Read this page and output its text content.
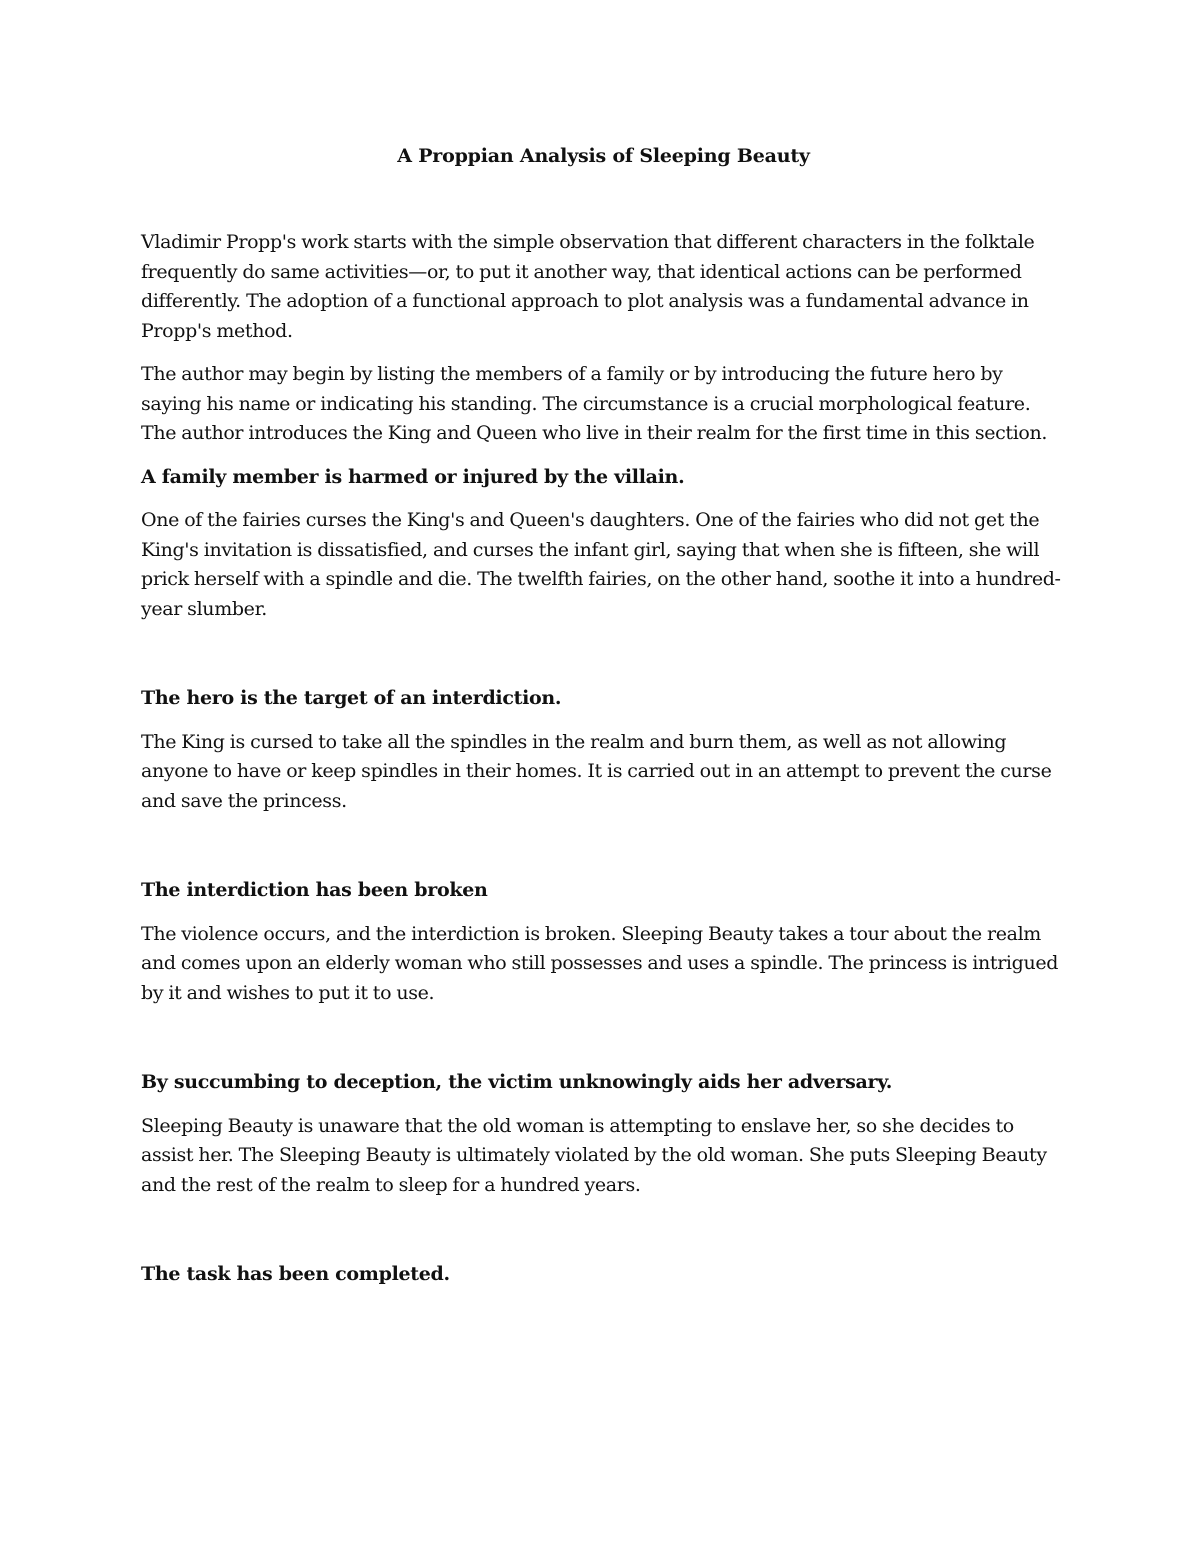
A Proppian Analysis of Sleeping Beauty

Vladimir Propp's work starts with the simple observation that different characters in the folktale frequently do same activities—or, to put it another way, that identical actions can be performed differently. The adoption of a functional approach to plot analysis was a fundamental advance in Propp's method.

The author may begin by listing the members of a family or by introducing the future hero by saying his name or indicating his standing. The circumstance is a crucial morphological feature. The author introduces the King and Queen who live in their realm for the first time in this section.

A family member is harmed or injured by the villain.

One of the fairies curses the King's and Queen's daughters. One of the fairies who did not get the King's invitation is dissatisfied, and curses the infant girl, saying that when she is fifteen, she will prick herself with a spindle and die. The twelfth fairies, on the other hand, soothe it into a hundred-year slumber.

The hero is the target of an interdiction.

The King is cursed to take all the spindles in the realm and burn them, as well as not allowing anyone to have or keep spindles in their homes. It is carried out in an attempt to prevent the curse and save the princess.

The interdiction has been broken

The violence occurs, and the interdiction is broken. Sleeping Beauty takes a tour about the realm and comes upon an elderly woman who still possesses and uses a spindle. The princess is intrigued by it and wishes to put it to use.

By succumbing to deception, the victim unknowingly aids her adversary.

Sleeping Beauty is unaware that the old woman is attempting to enslave her, so she decides to assist her. The Sleeping Beauty is ultimately violated by the old woman. She puts Sleeping Beauty and the rest of the realm to sleep for a hundred years.

The task has been completed.
